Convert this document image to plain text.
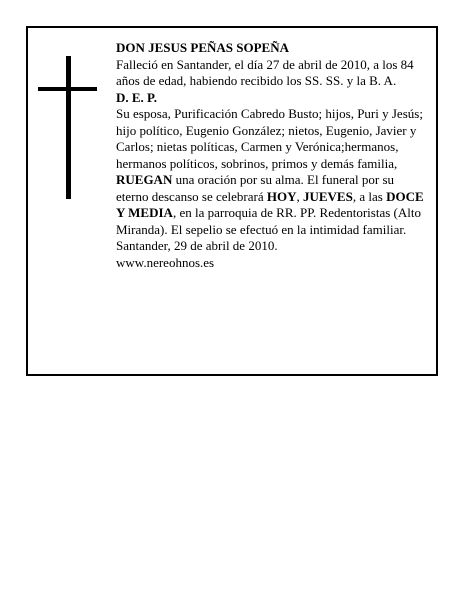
DON JESUS PEÑAS SOPEÑA

Falleció en Santander, el día 27 de abril de 2010, a los 84 años de edad, habiendo recibido los SS. SS. y la B. A.

D. E. P.

Su esposa, Purificación Cabredo Busto; hijos, Puri y Jesús; hijo político, Eugenio González; nietos, Eugenio, Javier y Carlos; nietas políticas, Carmen y Verónica;hermanos, hermanos políticos, sobrinos, primos y demás familia,

RUEGAN una oración por su alma. El funeral por su eterno descanso se celebrará HOY, JUEVES, a las DOCE Y MEDIA, en la parroquia de RR. PP. Redentoristas (Alto Miranda). El sepelio se efectuó en la intimidad familiar.

Santander, 29 de abril de 2010.

www.nereohnos.es
